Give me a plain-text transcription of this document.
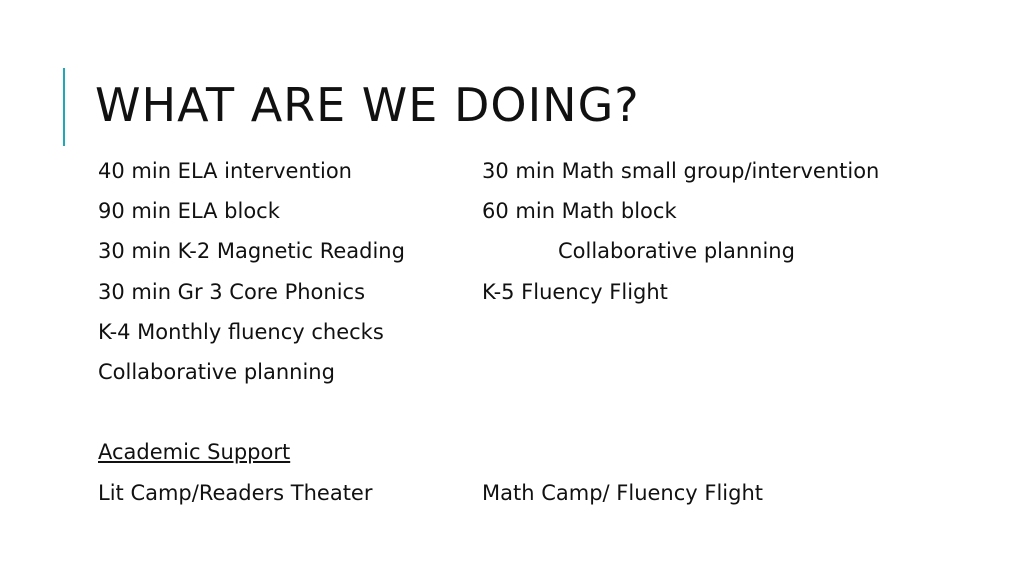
WHAT ARE WE DOING?
40 min ELA intervention
90 min ELA block
30 min K-2 Magnetic Reading
30 min Gr 3 Core Phonics
K-4 Monthly fluency checks
Collaborative planning
Academic Support
Lit Camp/Readers Theater
30 min Math small group/intervention
60 min Math block
Collaborative planning
K-5 Fluency Flight
Math Camp/ Fluency Flight
